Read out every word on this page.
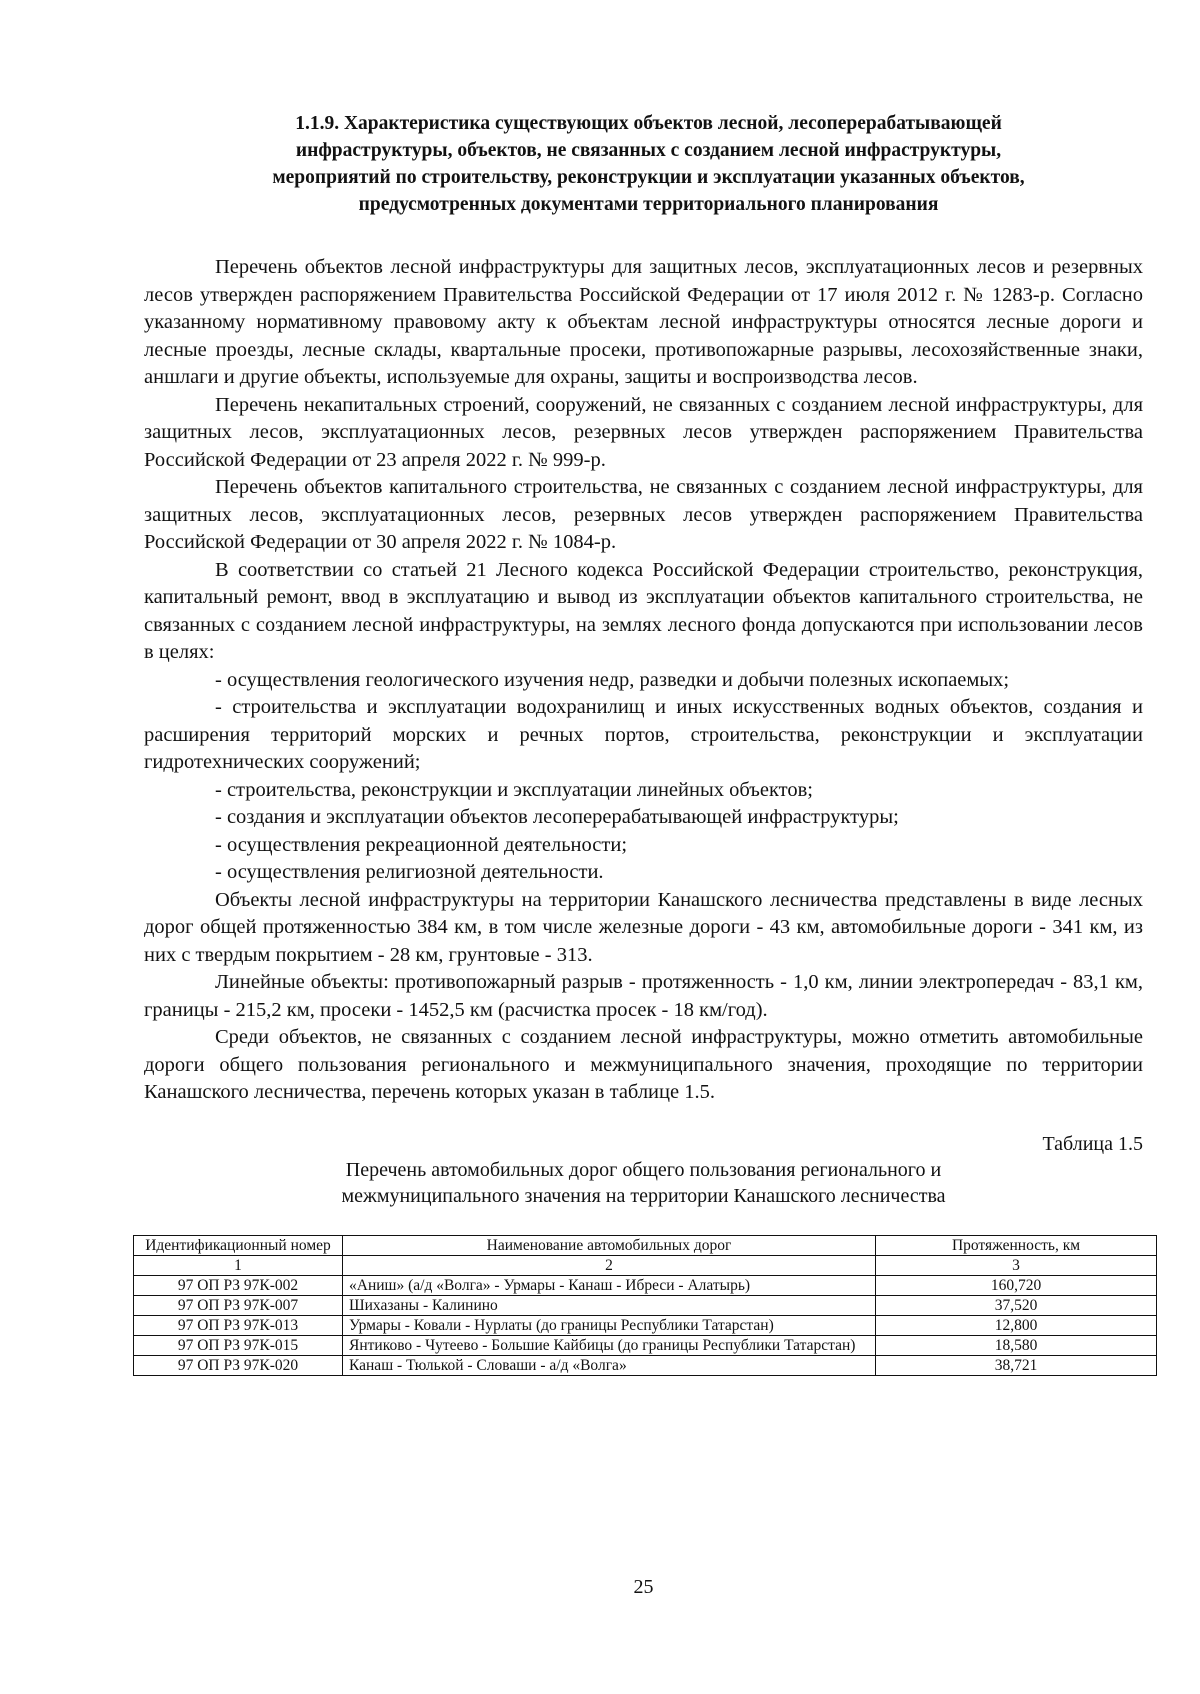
1.1.9. Характеристика существующих объектов лесной, лесоперерабатывающей
инфраструктуры, объектов, не связанных с созданием лесной инфраструктуры,
мероприятий по строительству, реконструкции и эксплуатации указанных объектов,
предусмотренных документами территориального планирования

Перечень объектов лесной инфраструктуры для защитных лесов, эксплуатационных лесов и резервных лесов утвержден распоряжением Правительства Российской Федерации от 17 июля 2012 г. № 1283-р. Согласно указанному нормативному правовому акту к объектам лесной инфраструктуры относятся лесные дороги и лесные проезды, лесные склады, квартальные просеки, противопожарные разрывы, лесохозяйственные знаки, аншлаги и другие объекты, используемые для охраны, защиты и воспроизводства лесов.

Перечень некапитальных строений, сооружений, не связанных с созданием лесной инфраструктуры, для защитных лесов, эксплуатационных лесов, резервных лесов утвержден распоряжением Правительства Российской Федерации от 23 апреля 2022 г. № 999-р.

Перечень объектов капитального строительства, не связанных с созданием лесной инфраструктуры, для защитных лесов, эксплуатационных лесов, резервных лесов утвержден распоряжением Правительства Российской Федерации от 30 апреля 2022 г. № 1084-р.

В соответствии со статьей 21 Лесного кодекса Российской Федерации строительство, реконструкция, капитальный ремонт, ввод в эксплуатацию и вывод из эксплуатации объектов капитального строительства, не связанных с созданием лесной инфраструктуры, на землях лесного фонда допускаются при использовании лесов в целях:

- осуществления геологического изучения недр, разведки и добычи полезных ископаемых;

- строительства и эксплуатации водохранилищ и иных искусственных водных объектов, создания и расширения территорий морских и речных портов, строительства, реконструкции и эксплуатации гидротехнических сооружений;

- строительства, реконструкции и эксплуатации линейных объектов;

- создания и эксплуатации объектов лесоперерабатывающей инфраструктуры;

- осуществления рекреационной деятельности;

- осуществления религиозной деятельности.

Объекты лесной инфраструктуры на территории Канашского лесничества представлены в виде лесных дорог общей протяженностью 384 км, в том числе железные дороги - 43 км, автомобильные дороги - 341 км, из них с твердым покрытием - 28 км, грунтовые - 313.

Линейные объекты: противопожарный разрыв - протяженность - 1,0 км, линии электропередач - 83,1 км, границы - 215,2 км, просеки - 1452,5 км (расчистка просек - 18 км/год).

Среди объектов, не связанных с созданием лесной инфраструктуры, можно отметить автомобильные дороги общего пользования регионального и межмуниципального значения, проходящие по территории Канашского лесничества, перечень которых указан в таблице 1.5.

Таблица 1.5
Перечень автомобильных дорог общего пользования регионального и
межмуниципального значения на территории Канашского лесничества
Идентификационный номер	Наименование автомобильных дорог	Протяженность, км
1	2	3
97 ОП РЗ 97К-002	«Аниш» (а/д «Волга» - Урмары - Канаш - Ибреси - Алатырь)	160,720
97 ОП РЗ 97К-007	Шихазаны - Калинино	37,520
97 ОП РЗ 97К-013	Урмары - Ковали - Нурлаты (до границы Республики Татарстан)	12,800
97 ОП РЗ 97К-015	Янтиково - Чутеево - Большие Кайбицы (до границы Республики Татарстан)	18,580
97 ОП РЗ 97К-020	Канаш - Тюлькой - Словаши - а/д «Волга»	38,721
25
